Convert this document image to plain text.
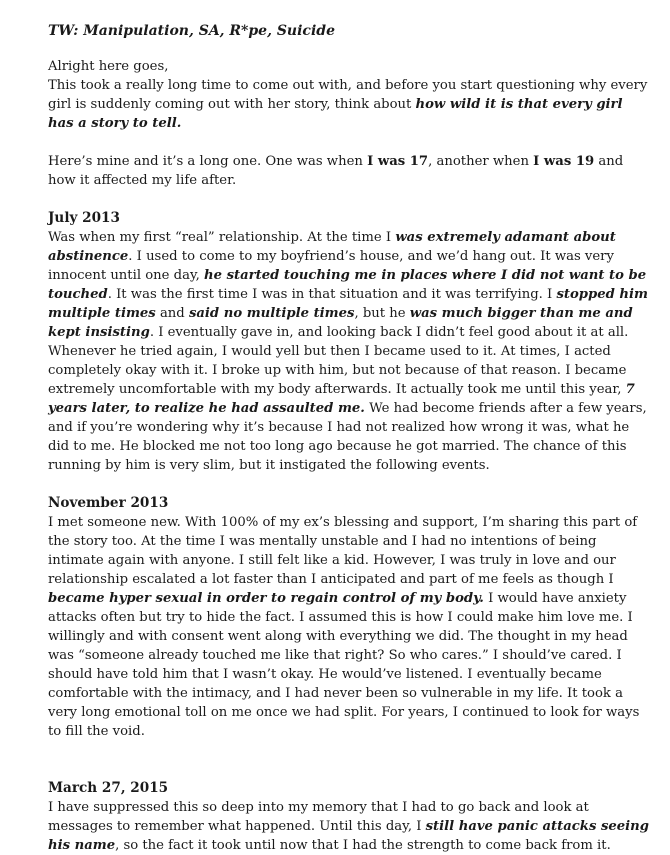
TW: Manipulation, SA, R*pe, Suicide

Alright here goes,
This took a really long time to come out with, and before you start questioning why every girl is suddenly coming out with her story, think about how wild it is that every girl has a story to tell.

Here’s mine and it’s a long one. One was when I was 17, another when I was 19 and how it affected my life after.

July 2013

Was when my first “real” relationship. At the time I was extremely adamant about abstinence. I used to come to my boyfriend’s house, and we’d hang out. It was very innocent until one day, he started touching me in places where I did not want to be touched. It was the first time I was in that situation and it was terrifying. I stopped him multiple times and said no multiple times, but he was much bigger than me and kept insisting. I eventually gave in, and looking back I didn’t feel good about it at all. Whenever he tried again, I would yell but then I became used to it. At times, I acted completely okay with it. I broke up with him, but not because of that reason. I became extremely uncomfortable with my body afterwards. It actually took me until this year, 7 years later, to realize he had assaulted me. We had become friends after a few years, and if you’re wondering why it’s because I had not realized how wrong it was, what he did to me. He blocked me not too long ago because he got married. The chance of this running by him is very slim, but it instigated the following events.

November 2013

I met someone new. With 100% of my ex’s blessing and support, I’m sharing this part of the story too. At the time I was mentally unstable and I had no intentions of being intimate again with anyone. I still felt like a kid. However, I was truly in love and our relationship escalated a lot faster than I anticipated and part of me feels as though I became hyper sexual in order to regain control of my body. I would have anxiety attacks often but try to hide the fact. I assumed this is how I could make him love me. I willingly and with consent went along with everything we did. The thought in my head was “someone already touched me like that right? So who cares.” I should’ve cared. I should have told him that I wasn’t okay. He would’ve listened. I eventually became comfortable with the intimacy, and I had never been so vulnerable in my life. It took a very long emotional toll on me once we had split. For years, I continued to look for ways to fill the void.

March 27, 2015

I have suppressed this so deep into my memory that I had to go back and look at messages to remember what happened. Until this day, I still have panic attacks seeing his name, so the fact it took until now that I had the strength to come back from it.
